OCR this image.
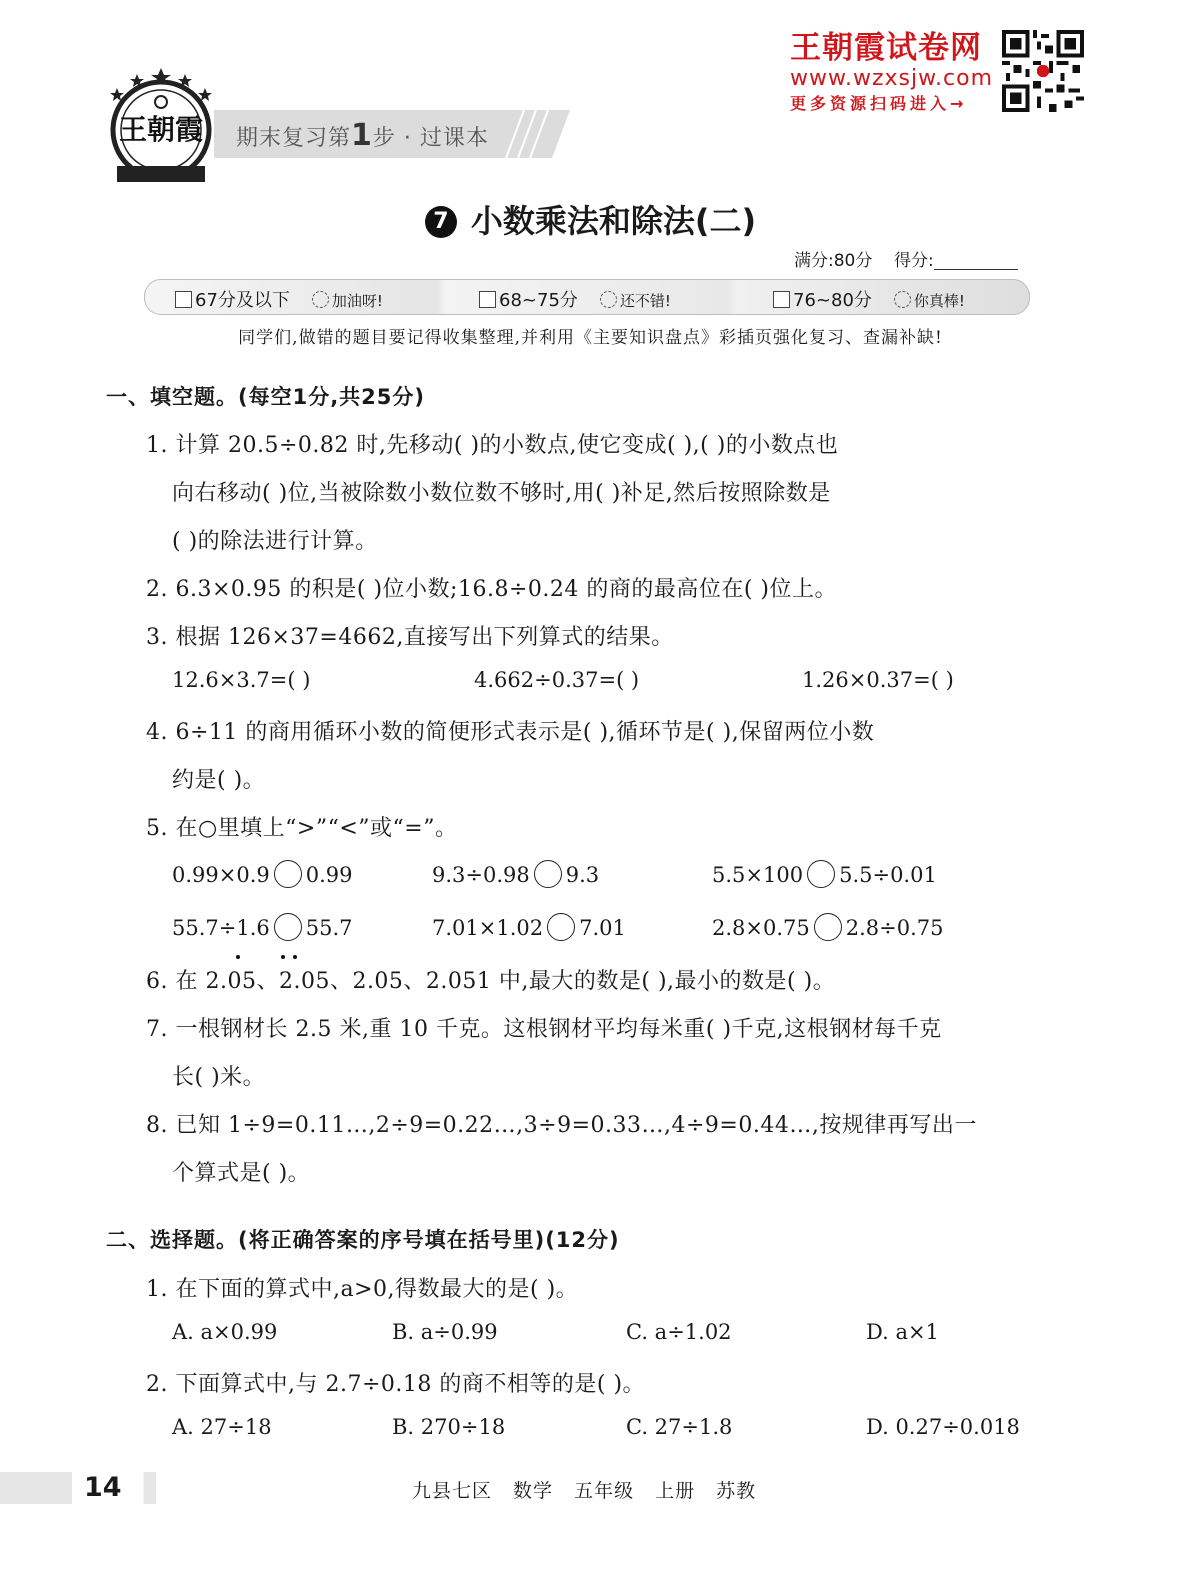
王朝霞 期末复习第1步 · 过课本
王朝霞试卷网
www.wzxsjw.com
更多资源扫码进入→
7 小数乘法和除法(二)
满分:80分 得分:
67分及以下	加油呀!	68~75分	还不错!	76~80分	你真棒!
同学们,做错的题目要记得收集整理,并利用《主要知识盘点》彩插页强化复习、查漏补缺!
一、填空题。(每空1分,共25分)
1. 计算 20.5÷0.82 时,先移动( )的小数点,使它变成( ),( )的小数点也
向右移动( )位,当被除数小数位数不够时,用( )补足,然后按照除数是
( )的除法进行计算。
2. 6.3×0.95 的积是( )位小数;16.8÷0.24 的商的最高位在( )位上。
3. 根据 126×37=4662,直接写出下列算式的结果。
12.6×3.7=( )	4.662÷0.37=( )	1.26×0.37=( )
4. 6÷11 的商用循环小数的简便形式表示是( ),循环节是( ),保留两位小数
约是( )。
5. 在○里填上“>”“<”或“=”。
0.99×0.9 0.99	9.3÷0.98 9.3	5.5×100 5.5÷0.01
55.7÷1.6 55.7	7.01×1.02 7.01	2.8×0.75 2.8÷0.75
6. 在 2.05、2.05、2.05、2.051 中,最大的数是( ),最小的数是( )。
7. 一根钢材长 2.5 米,重 10 千克。这根钢材平均每米重( )千克,这根钢材每千克
长( )米。
8. 已知 1÷9=0.11…,2÷9=0.22…,3÷9=0.33…,4÷9=0.44…,按规律再写出一
个算式是( )。
二、选择题。(将正确答案的序号填在括号里)(12分)
1. 在下面的算式中,a>0,得数最大的是( )。
A. a×0.99	B. a÷0.99	C. a÷1.02	D. a×1
2. 下面算式中,与 2.7÷0.18 的商不相等的是( )。
A. 27÷18	B. 270÷18	C. 27÷1.8	D. 0.27÷0.018
14	九县七区 数学 五年级 上册 苏教
